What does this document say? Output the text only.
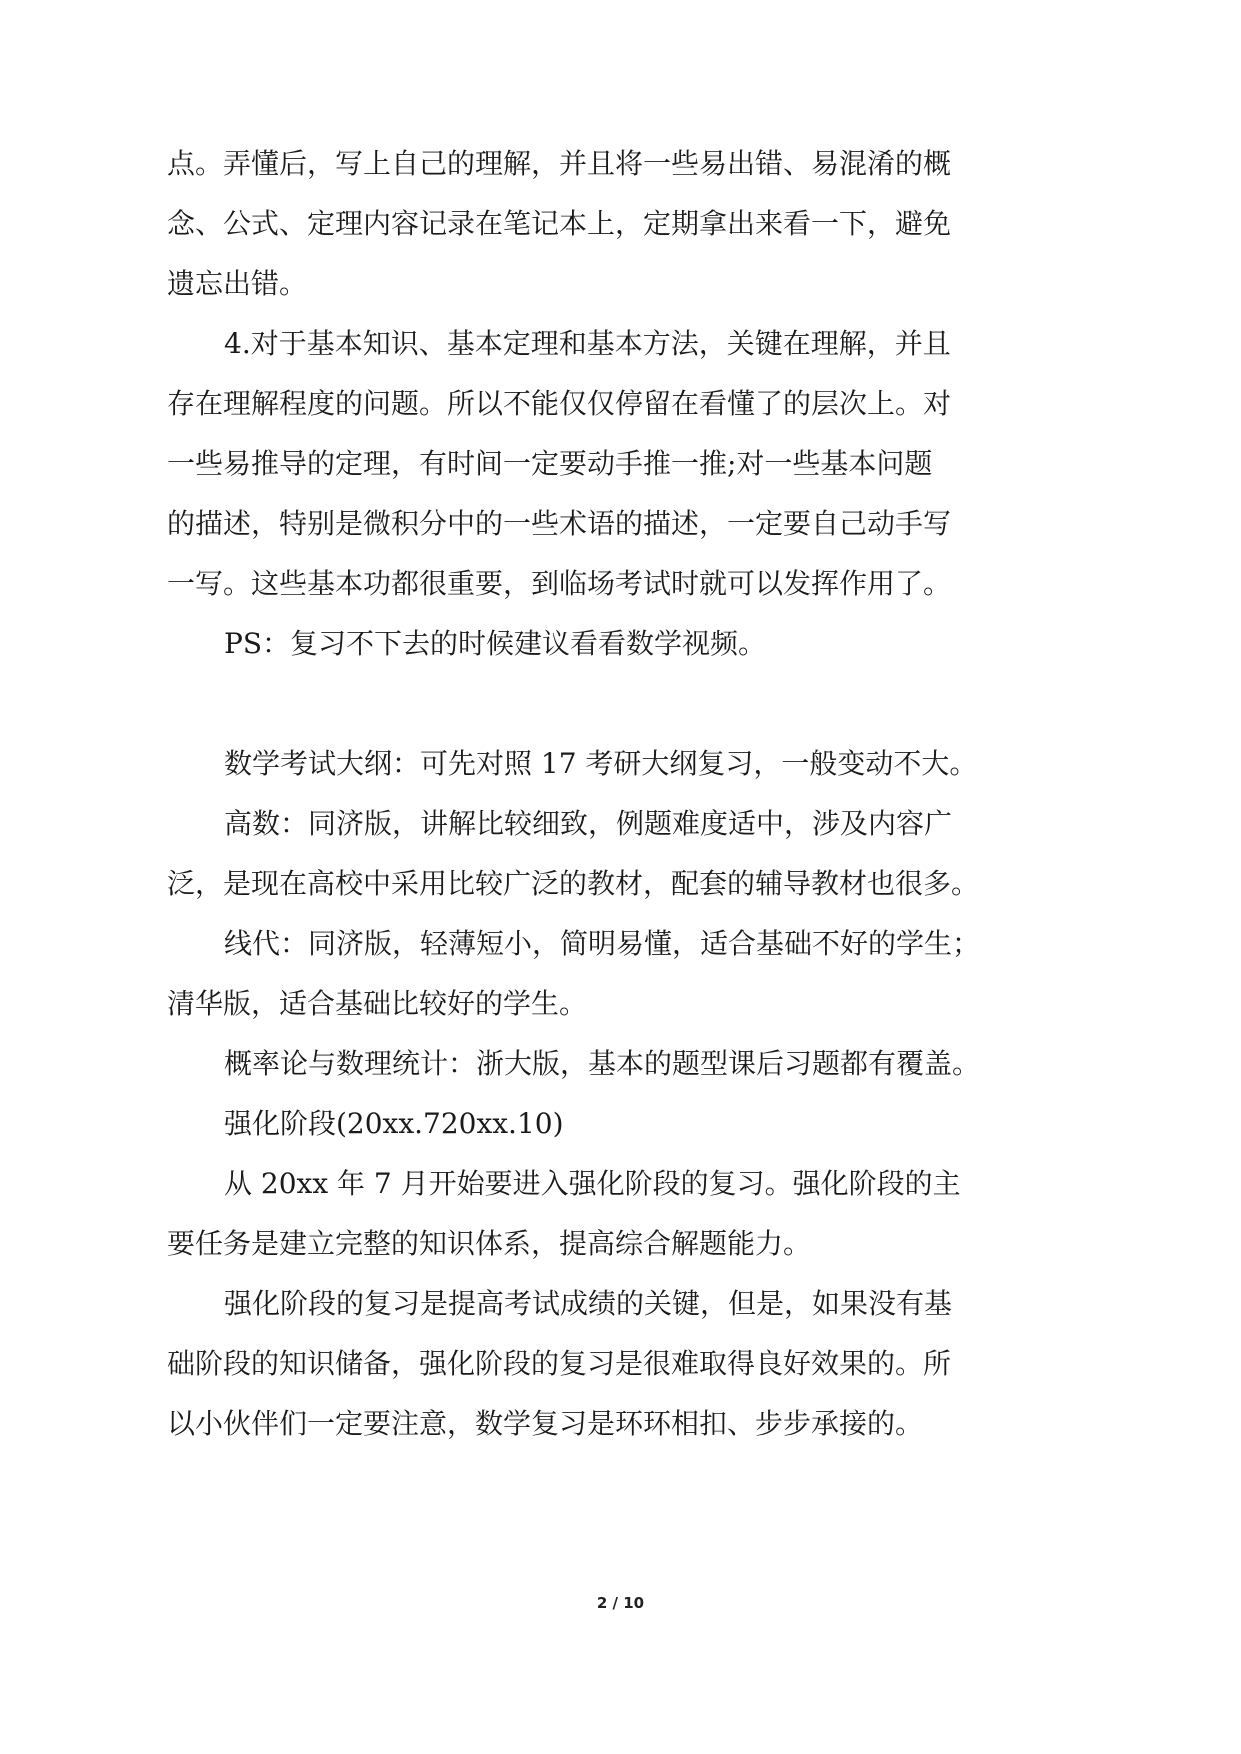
点。弄懂后，写上自己的理解，并且将一些易出错、易混淆的概
念、公式、定理内容记录在笔记本上，定期拿出来看一下，避免
遗忘出错。
4.对于基本知识、基本定理和基本方法，关键在理解，并且
存在理解程度的问题。所以不能仅仅停留在看懂了的层次上。对
一些易推导的定理，有时间一定要动手推一推;对一些基本问题
的描述，特别是微积分中的一些术语的描述，一定要自己动手写
一写。这些基本功都很重要，到临场考试时就可以发挥作用了。
PS：复习不下去的时候建议看看数学视频。
数学考试大纲：可先对照 17 考研大纲复习，一般变动不大。
高数：同济版，讲解比较细致，例题难度适中，涉及内容广
泛，是现在高校中采用比较广泛的教材，配套的辅导教材也很多。
线代：同济版，轻薄短小，简明易懂，适合基础不好的学生；
清华版，适合基础比较好的学生。
概率论与数理统计：浙大版，基本的题型课后习题都有覆盖。
强化阶段(20xx.720xx.10)
从 20xx 年 7 月开始要进入强化阶段的复习。强化阶段的主
要任务是建立完整的知识体系，提高综合解题能力。
强化阶段的复习是提高考试成绩的关键，但是，如果没有基
础阶段的知识储备，强化阶段的复习是很难取得良好效果的。所
以小伙伴们一定要注意，数学复习是环环相扣、步步承接的。
2 / 10
